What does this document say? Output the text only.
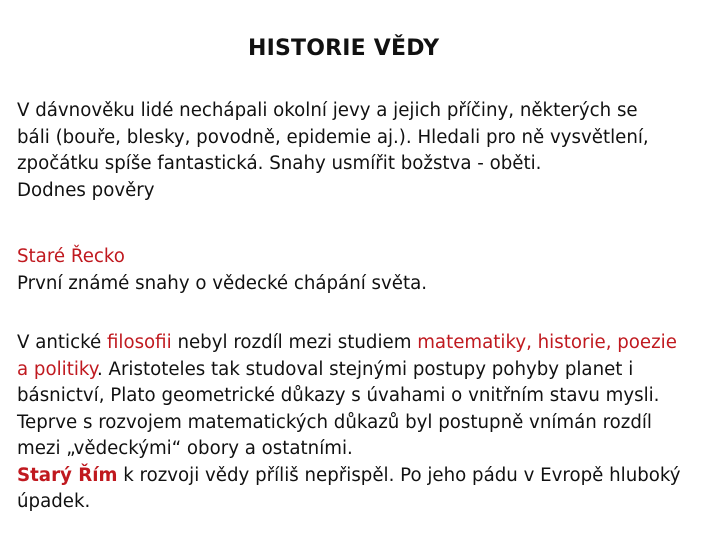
HISTORIE VĚDY
V dávnověku lidé nechápali okolní jevy a jejich příčiny, některých se
báli (bouře, blesky, povodně, epidemie aj.). Hledali pro ně vysvětlení,
zpočátku spíše fantastická. Snahy usmířit božstva - oběti.
Dodnes pověry
Staré Řecko
První známé snahy o vědecké chápání světa.
V antické filosofii nebyl rozdíl mezi studiem matematiky, historie, poezie
a politiky. Aristoteles tak studoval stejnými postupy pohyby planet i
básnictví, Plato geometrické důkazy s úvahami o vnitřním stavu mysli.
Teprve s rozvojem matematických důkazů byl postupně vnímán rozdíl
mezi „vědeckými“ obory a ostatními.
Starý Řím k rozvoji vědy příliš nepřispěl. Po jeho pádu v Evropě hluboký
úpadek.
